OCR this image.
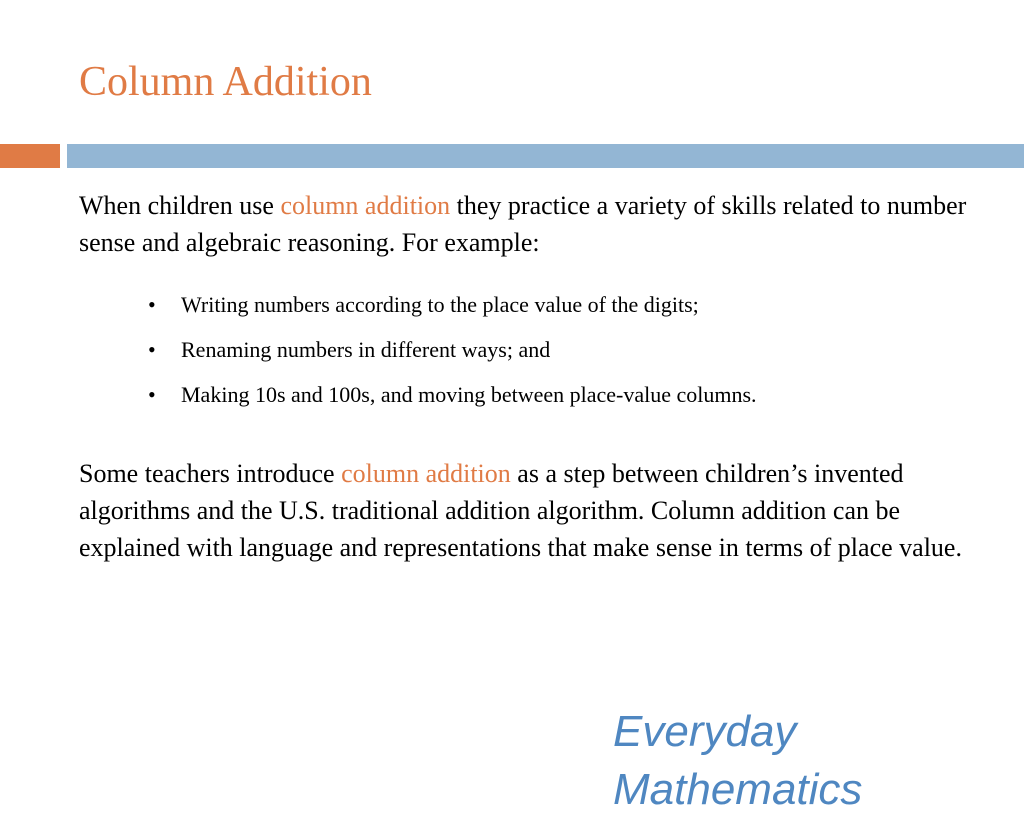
Column Addition

When children use column addition they practice a variety of skills related to number sense and algebraic reasoning. For example:

• Writing numbers according to the place value of the digits;
• Renaming numbers in different ways; and
• Making 10s and 100s, and moving between place-value columns.

Some teachers introduce column addition as a step between children’s invented algorithms and the U.S. traditional addition algorithm. Column addition can be explained with language and representations that make sense in terms of place value.

Everyday
Mathematics
